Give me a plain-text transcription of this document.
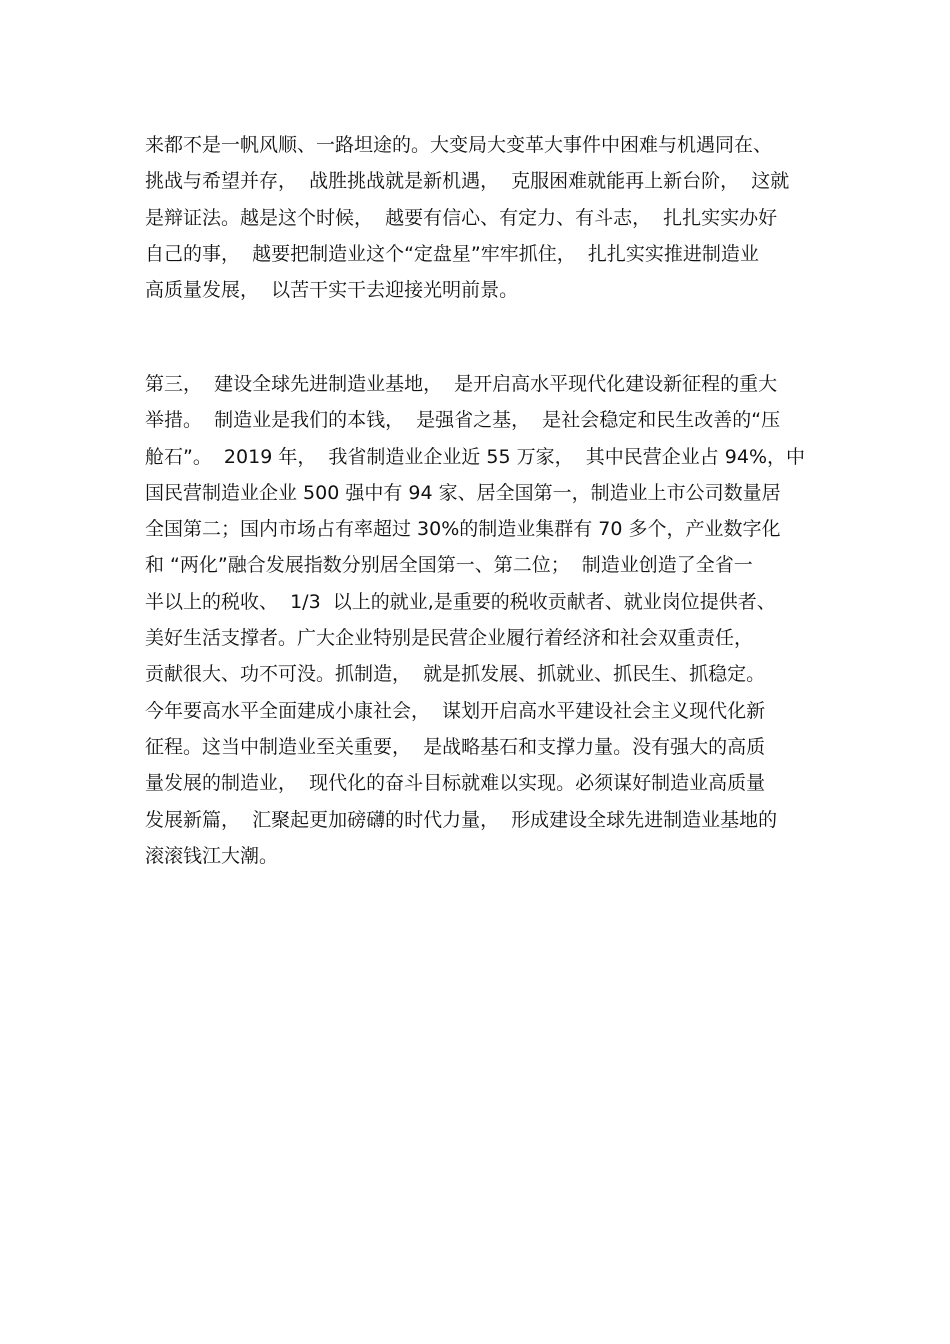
来都不是一帆风顺、一路坦途的。大变局大变革大事件中困难与机遇同在、
挑战与希望并存，  战胜挑战就是新机遇，  克服困难就能再上新台阶，  这就
是辩证法。越是这个时候，  越要有信心、有定力、有斗志，  扎扎实实办好
自己的事，  越要把制造业这个“定盘星”牢牢抓住，  扎扎实实推进制造业
高质量发展，  以苦干实干去迎接光明前景。
第三，  建设全球先进制造业基地，  是开启高水平现代化建设新征程的重大
举措。  制造业是我们的本钱，  是强省之基，  是社会稳定和民生改善的“压
舱石”。  2019 年，  我省制造业企业近 55 万家，  其中民营企业占 94%，中
国民营制造业企业 500 强中有 94 家、居全国第一，制造业上市公司数量居
全国第二；国内市场占有率超过 30%的制造业集群有 70 多个，产业数字化
和 “两化”融合发展指数分别居全国第一、第二位；  制造业创造了全省一
半以上的税收、  1/3  以上的就业,是重要的税收贡献者、就业岗位提供者、
美好生活支撑者。广大企业特别是民营企业履行着经济和社会双重责任，
贡献很大、功不可没。抓制造，  就是抓发展、抓就业、抓民生、抓稳定。
今年要高水平全面建成小康社会，  谋划开启高水平建设社会主义现代化新
征程。这当中制造业至关重要，  是战略基石和支撑力量。没有强大的高质
量发展的制造业，  现代化的奋斗目标就难以实现。必须谋好制造业高质量
发展新篇，  汇聚起更加磅礴的时代力量，  形成建设全球先进制造业基地的
滚滚钱江大潮。
